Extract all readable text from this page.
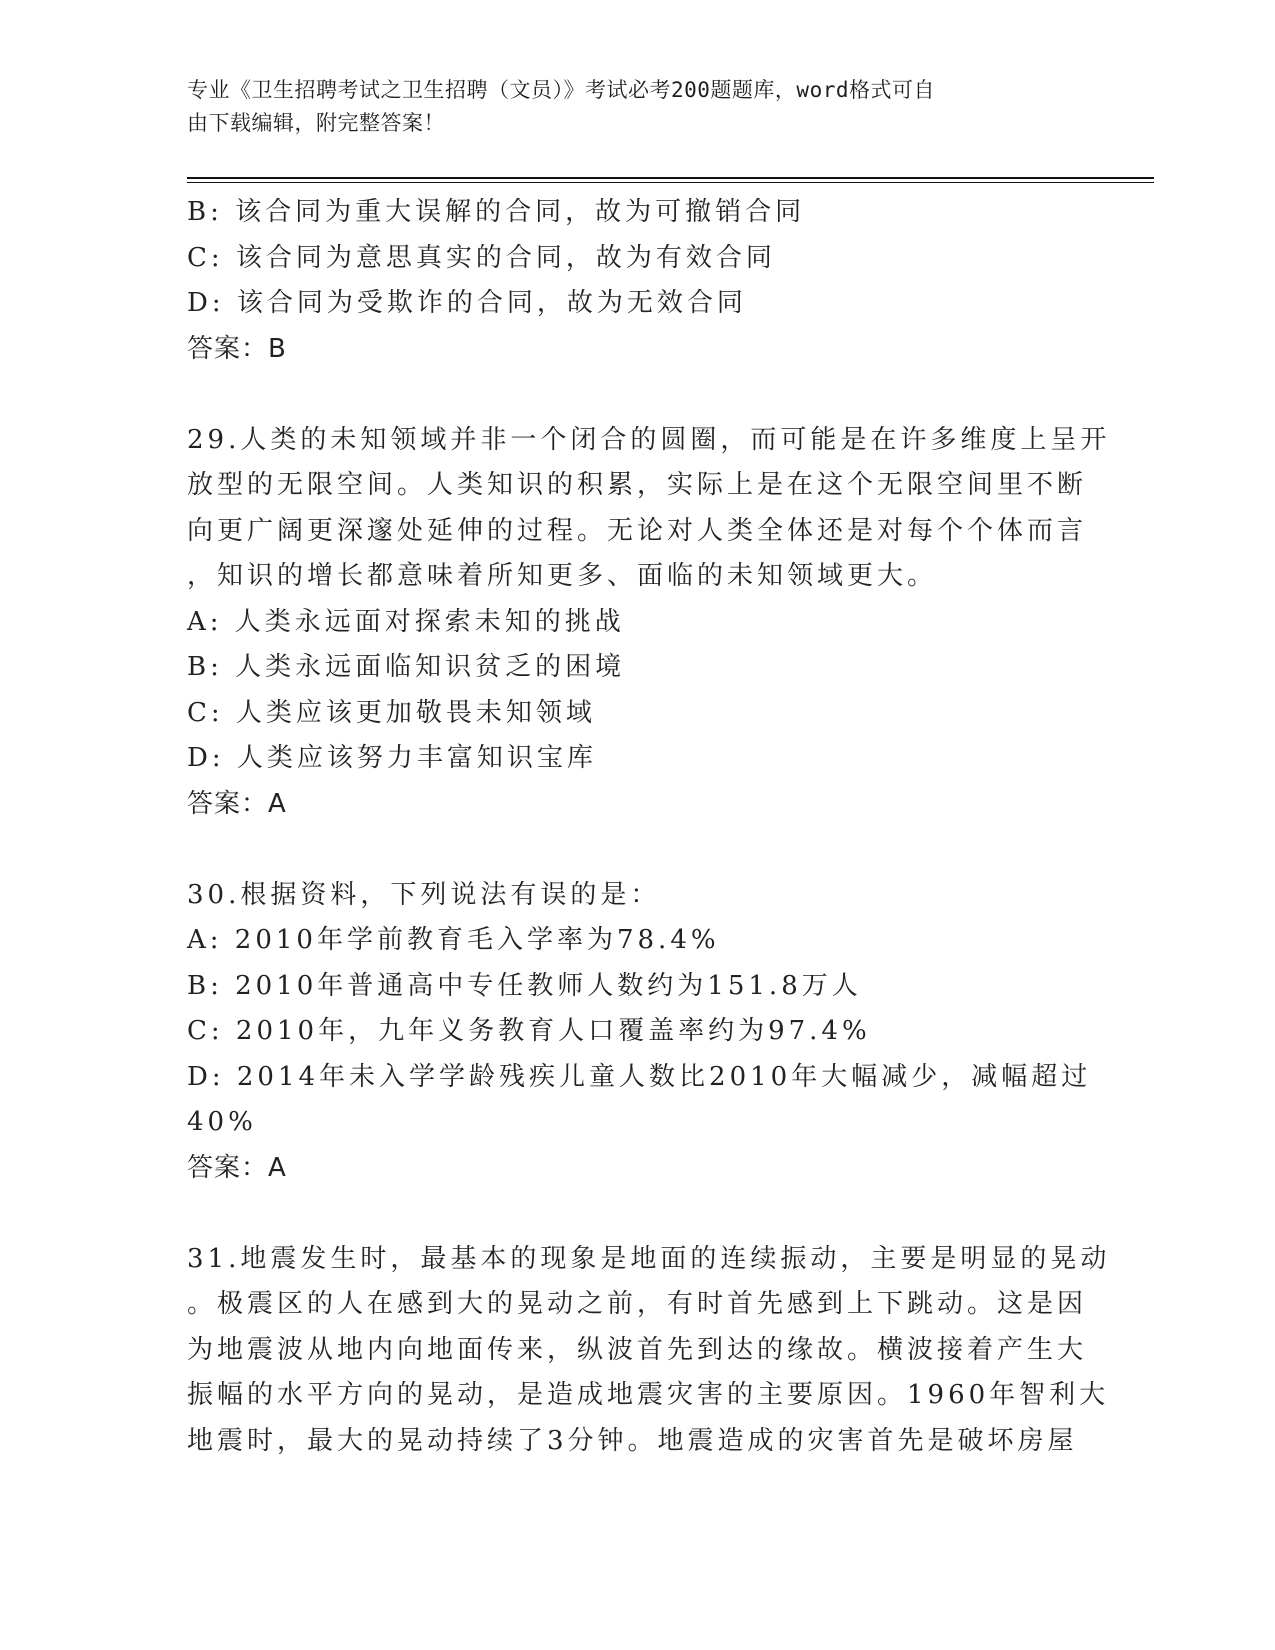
专业《卫生招聘考试之卫生招聘（文员）》考试必考200题题库，word格式可自
由下载编辑，附完整答案！
B: 该合同为重大误解的合同，故为可撤销合同
C: 该合同为意思真实的合同，故为有效合同
D: 该合同为受欺诈的合同，故为无效合同
答案：B
29.人类的未知领域并非一个闭合的圆圈，而可能是在许多维度上呈开
放型的无限空间。人类知识的积累，实际上是在这个无限空间里不断
向更广阔更深邃处延伸的过程。无论对人类全体还是对每个个体而言
，知识的增长都意味着所知更多、面临的未知领域更大。
A: 人类永远面对探索未知的挑战
B: 人类永远面临知识贫乏的困境
C: 人类应该更加敬畏未知领域
D: 人类应该努力丰富知识宝库
答案：A
30.根据资料，下列说法有误的是：
A: 2010年学前教育毛入学率为78.4%
B: 2010年普通高中专任教师人数约为151.8万人
C: 2010年，九年义务教育人口覆盖率约为97.4%
D: 2014年未入学学龄残疾儿童人数比2010年大幅减少，减幅超过
40%
答案：A
31.地震发生时，最基本的现象是地面的连续振动，主要是明显的晃动
。极震区的人在感到大的晃动之前，有时首先感到上下跳动。这是因
为地震波从地内向地面传来，纵波首先到达的缘故。横波接着产生大
振幅的水平方向的晃动，是造成地震灾害的主要原因。1960年智利大
地震时，最大的晃动持续了3分钟。地震造成的灾害首先是破坏房屋
